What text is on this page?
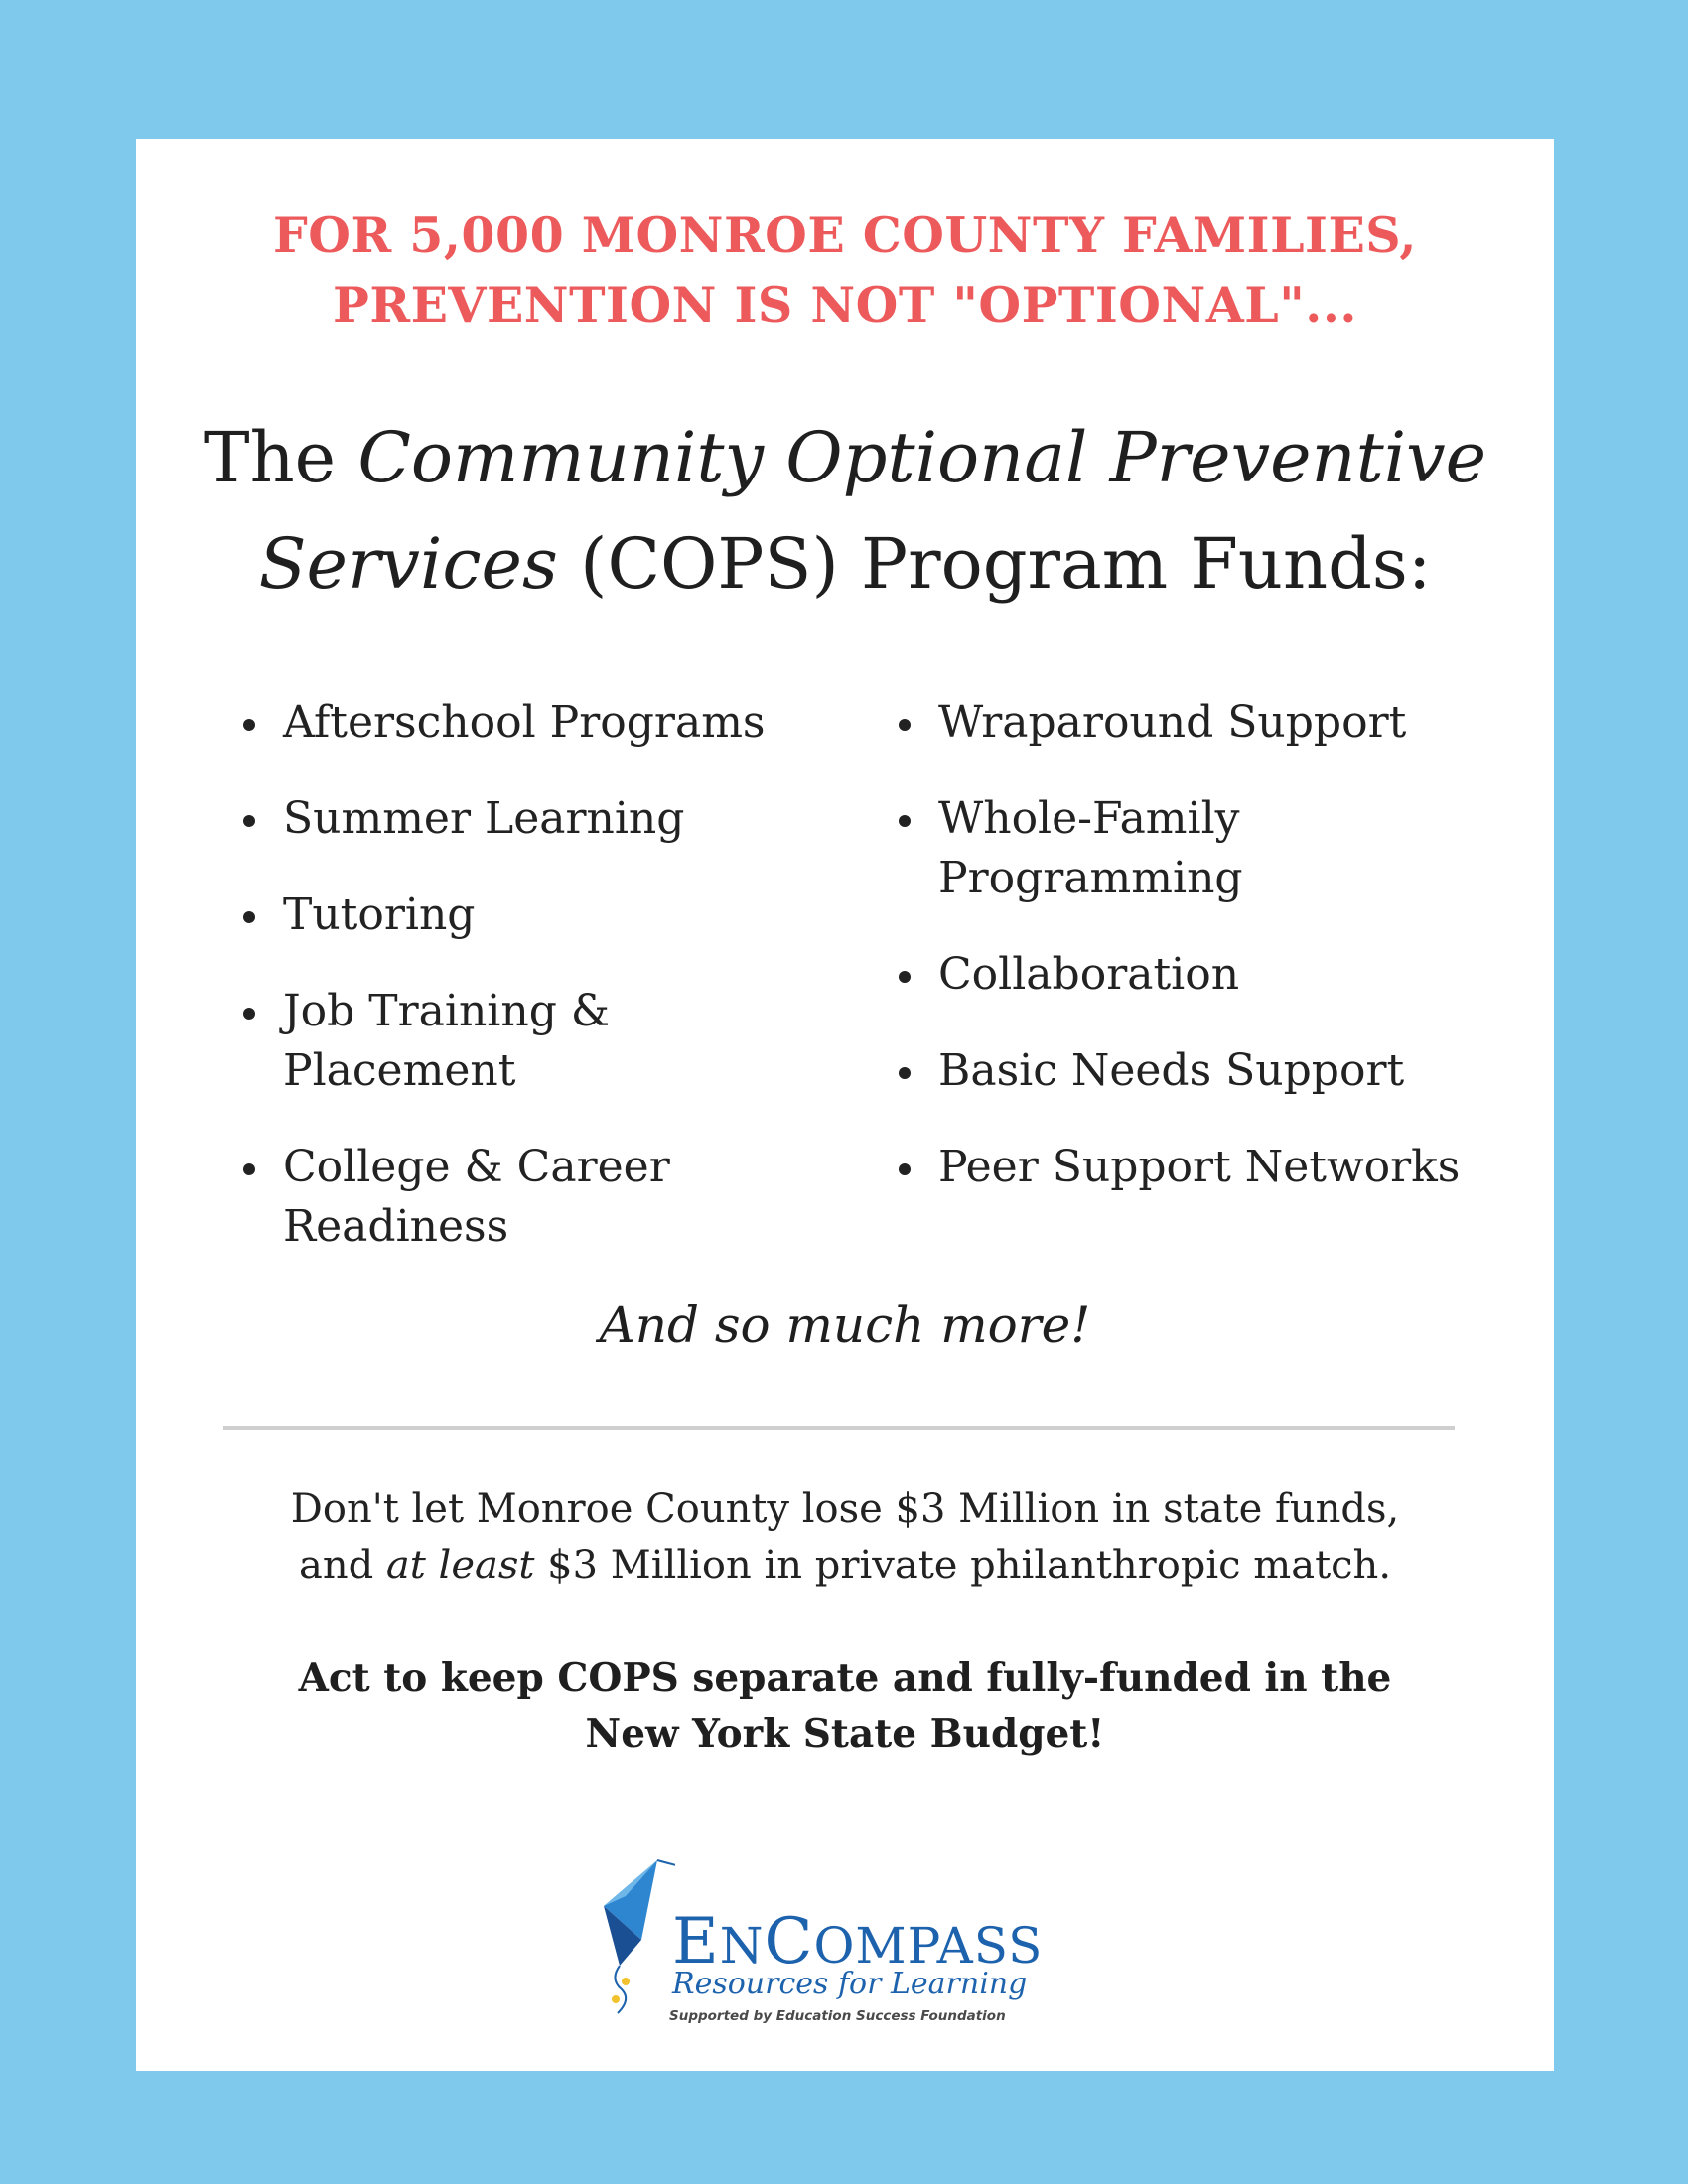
FOR 5,000 MONROE COUNTY FAMILIES,
PREVENTION IS NOT "OPTIONAL"...
The Community Optional Preventive
Services (COPS) Program Funds:
Afterschool Programs
Summer Learning
Tutoring
Job Training &
Placement
College & Career
Readiness
Wraparound Support
Whole-Family
Programming
Collaboration
Basic Needs Support
Peer Support Networks
And so much more!
Don't let Monroe County lose $3 Million in state funds,
and at least $3 Million in private philanthropic match.
Act to keep COPS separate and fully-funded in the
New York State Budget!
ENCOMPASS
Resources for Learning
Supported by Education Success Foundation
